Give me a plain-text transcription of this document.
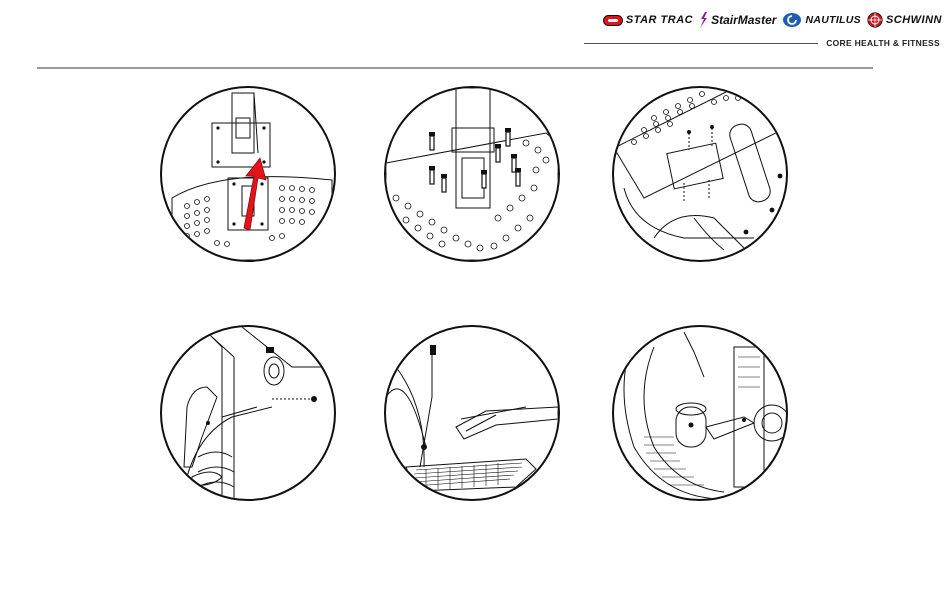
STAR TRAC StairMaster	NAUTILUS SCHWINN
CORE HEALTH & FITNESS
